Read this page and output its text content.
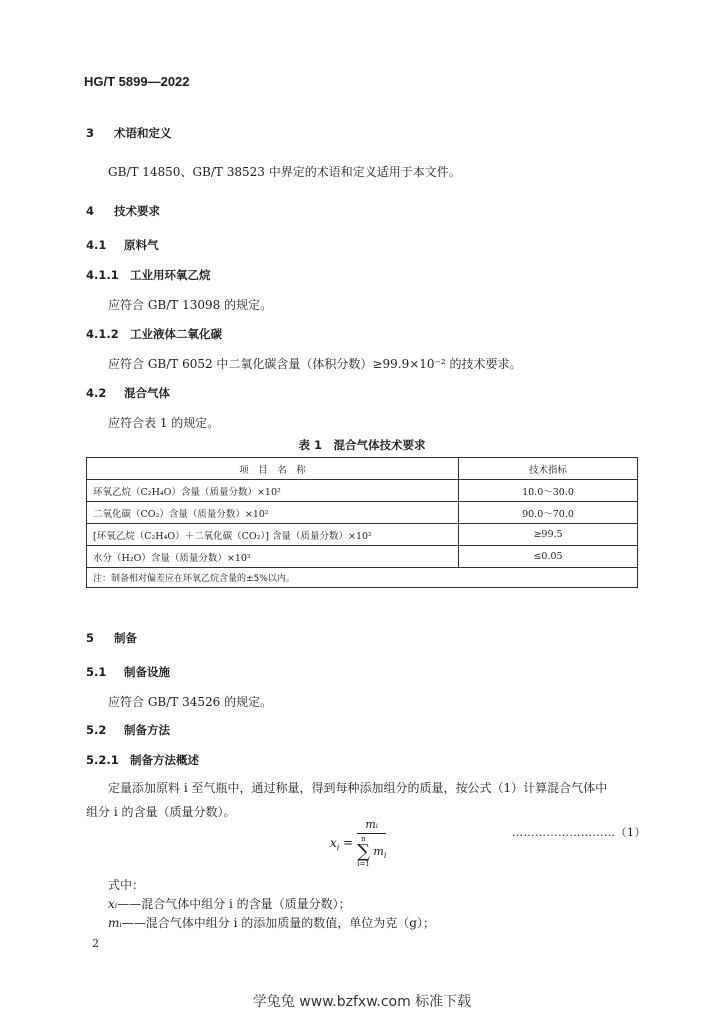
HG/T 5899—2022
3 术语和定义
GB/T 14850、GB/T 38523 中界定的术语和定义适用于本文件。
4 技术要求
4.1 原料气
4.1.1 工业用环氧乙烷
应符合 GB/T 13098 的规定。
4.1.2 工业液体二氧化碳
应符合 GB/T 6052 中二氧化碳含量（体积分数）≥99.9×10⁻² 的技术要求。
4.2 混合气体
应符合表 1 的规定。
表 1　混合气体技术要求
项　目　名　称	技术指标
环氧乙烷（C₂H₄O）含量（质量分数）×10²	10.0～30.0
二氧化碳（CO₂）含量（质量分数）×10²	90.0～70.0
[环氧乙烷（C₂H₄O）＋二氧化碳（CO₂）] 含量（质量分数）×10²	≥99.5
水分（H₂O）含量（质量分数）×10²	≤0.05
注：制备相对偏差应在环氧乙烷含量的±5%以内。	
5 制备
5.1 制备设施
应符合 GB/T 34526 的规定。
5.2 制备方法
5.2.1 制备方法概述
定量添加原料 i 至气瓶中，通过称量，得到每种添加组分的质量，按公式（1）计算混合气体中
组分 i 的含量（质量分数）。
$x_i$ = mᵢ
n
∑
i=1
$m_i$	………………………（1）
式中：
xᵢ——混合气体中组分 i 的含量（质量分数）；
mᵢ——混合气体中组分 i 的添加质量的数值，单位为克（g）；
2
学兔兔 www.bzfxw.com 标准下载
